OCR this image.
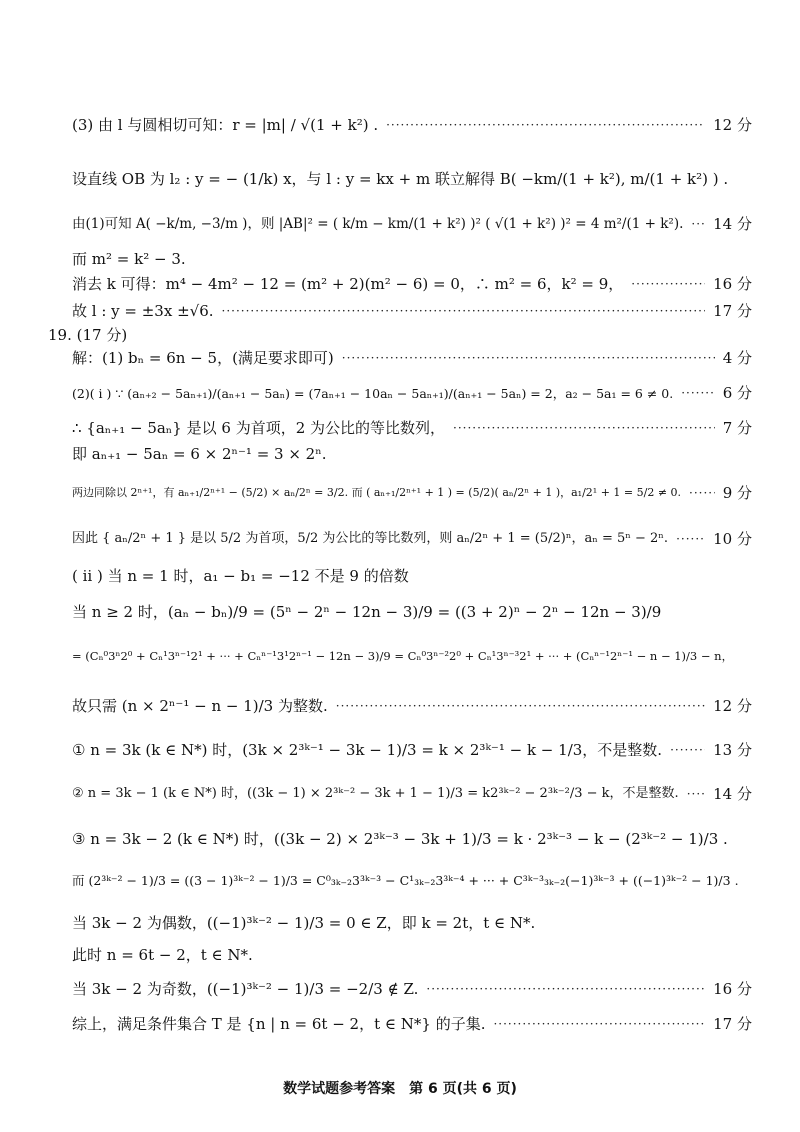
(3) 由 l 与圆相切可知：r = |m| / √(1 + k²) . ·····	12 分
设直线 OB 为 l₂ : y = − (1/k) x，与 l : y = kx + m 联立解得 B( −km/(1 + k²), m/(1 + k²) ) .
由(1)可知 A( −k/m, −3/m )，则 |AB|² = ( k/m − km/(1 + k²) )² ( √(1 + k²) )² = 4 m²/(1 + k²). ····· 14 分
而 m² = k² − 3.
消去 k 可得：m⁴ − 4m² − 12 = (m² + 2)(m² − 6) = 0，∴ m² = 6，k² = 9， ·····	16 分
故 l : y = ±3x ±√6. ·····	17 分
19. (17 分)
解：(1) bₙ = 6n − 5，(满足要求即可) ·····	4 分
(2)( ⅰ ) ∵ (aₙ₊₂ − 5aₙ₊₁)/(aₙ₊₁ − 5aₙ) = (7aₙ₊₁ − 10aₙ − 5aₙ₊₁)/(aₙ₊₁ − 5aₙ) = 2，a₂ − 5a₁ = 6 ≠ 0. ·····	6 分
∴ {aₙ₊₁ − 5aₙ} 是以 6 为首项，2 为公比的等比数列， ·····	7 分
即 aₙ₊₁ − 5aₙ = 6 × 2ⁿ⁻¹ = 3 × 2ⁿ.
两边同除以 2ⁿ⁺¹，有 aₙ₊₁/2ⁿ⁺¹ − (5/2) × aₙ/2ⁿ = 3/2. 而 ( aₙ₊₁/2ⁿ⁺¹ + 1 ) = (5/2)( aₙ/2ⁿ + 1 )，a₁/2¹ + 1 = 5/2 ≠ 0. ·····	9 分
因此 { aₙ/2ⁿ + 1 } 是以 5/2 为首项，5/2 为公比的等比数列，则 aₙ/2ⁿ + 1 = (5/2)ⁿ，aₙ = 5ⁿ − 2ⁿ. ·····	10 分
( ⅱ ) 当 n = 1 时，a₁ − b₁ = −12 不是 9 的倍数
当 n ≥ 2 时，(aₙ − bₙ)/9 = (5ⁿ − 2ⁿ − 12n − 3)/9 = ((3 + 2)ⁿ − 2ⁿ − 12n − 3)/9
= (Cₙ⁰3ⁿ2⁰ + Cₙ¹3ⁿ⁻¹2¹ + ··· + Cₙⁿ⁻¹3¹2ⁿ⁻¹ − 12n − 3)/9 = Cₙ⁰3ⁿ⁻²2⁰ + Cₙ¹3ⁿ⁻³2¹ + ··· + (Cₙⁿ⁻¹2ⁿ⁻¹ − n − 1)/3 − n，
故只需 (n × 2ⁿ⁻¹ − n − 1)/3 为整数. ·····	12 分
① n = 3k (k ∈ N*) 时，(3k × 2³ᵏ⁻¹ − 3k − 1)/3 = k × 2³ᵏ⁻¹ − k − 1/3，不是整数. ·····	13 分
② n = 3k − 1 (k ∈ N*) 时，((3k − 1) × 2³ᵏ⁻² − 3k + 1 − 1)/3 = k2³ᵏ⁻² − 2³ᵏ⁻²/3 − k，不是整数. ····· 14 分
③ n = 3k − 2 (k ∈ N*) 时，((3k − 2) × 2³ᵏ⁻³ − 3k + 1)/3 = k · 2³ᵏ⁻³ − k − (2³ᵏ⁻² − 1)/3 .
而 (2³ᵏ⁻² − 1)/3 = ((3 − 1)³ᵏ⁻² − 1)/3 = C⁰₃ₖ₋₂3³ᵏ⁻³ − C¹₃ₖ₋₂3³ᵏ⁻⁴ + ··· + C³ᵏ⁻³₃ₖ₋₂(−1)³ᵏ⁻³ + ((−1)³ᵏ⁻² − 1)/3 .
当 3k − 2 为偶数，((−1)³ᵏ⁻² − 1)/3 = 0 ∈ Z，即 k = 2t，t ∈ N*.
此时 n = 6t − 2，t ∈ N*.
当 3k − 2 为奇数，((−1)³ᵏ⁻² − 1)/3 = −2/3 ∉ Z. ·····	16 分
综上，满足条件集合 T 是 {n | n = 6t − 2，t ∈ N*} 的子集. ·····	17 分
数学试题参考答案　第 6 页(共 6 页)
